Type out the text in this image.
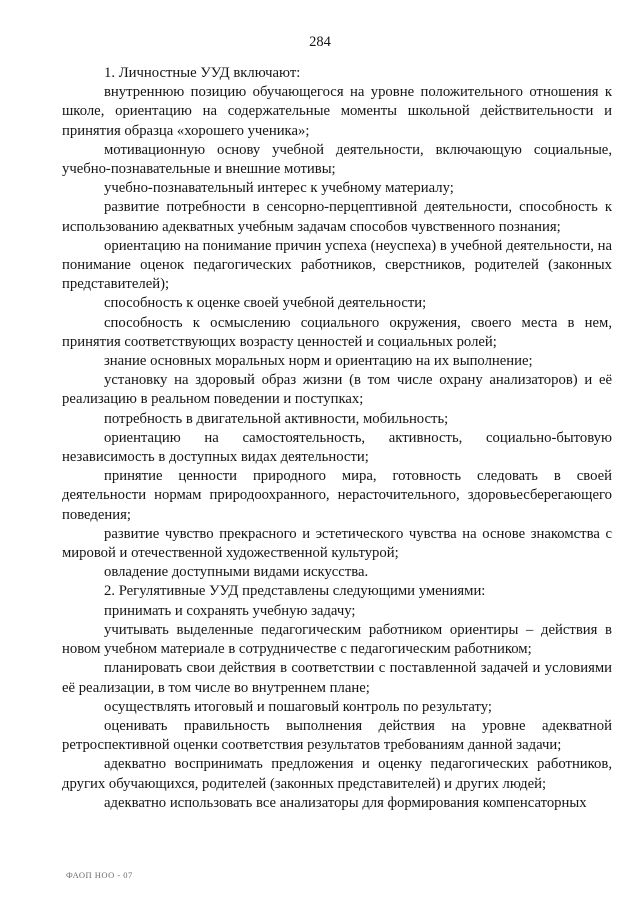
284

1. Личностные УУД включают:

внутреннюю позицию обучающегося на уровне положительного отношения к школе, ориентацию на содержательные моменты школьной действительности и принятия образца «хорошего ученика»;

мотивационную основу учебной деятельности, включающую социальные, учебно-познавательные и внешние мотивы;

учебно-познавательный интерес к учебному материалу;

развитие потребности в сенсорно-перцептивной деятельности, способность к использованию адекватных учебным задачам способов чувственного познания;

ориентацию на понимание причин успеха (неуспеха) в учебной деятельности, на понимание оценок педагогических работников, сверстников, родителей (законных представителей);

способность к оценке своей учебной деятельности;

способность к осмыслению социального окружения, своего места в нем, принятия соответствующих возрасту ценностей и социальных ролей;

знание основных моральных норм и ориентацию на их выполнение;

установку на здоровый образ жизни (в том числе охрану анализаторов) и её реализацию в реальном поведении и поступках;

потребность в двигательной активности, мобильность;

ориентацию на самостоятельность, активность, социально-бытовую независимость в доступных видах деятельности;

принятие ценности природного мира, готовность следовать в своей деятельности нормам природоохранного, нерасточительного, здоровьесберегающего поведения;

развитие чувство прекрасного и эстетического чувства на основе знакомства с мировой и отечественной художественной культурой;

овладение доступными видами искусства.

2. Регулятивные УУД представлены следующими умениями:

принимать и сохранять учебную задачу;

учитывать выделенные педагогическим работником ориентиры – действия в новом учебном материале в сотрудничестве с педагогическим работником;

планировать свои действия в соответствии с поставленной задачей и условиями её реализации, в том числе во внутреннем плане;

осуществлять итоговый и пошаговый контроль по результату;

оценивать правильность выполнения действия на уровне адекватной ретроспективной оценки соответствия результатов требованиям данной задачи;

адекватно воспринимать предложения и оценку педагогических работников, других обучающихся, родителей (законных представителей) и других людей;

адекватно использовать все анализаторы для формирования компенсаторных

ФАОП НОО - 07
